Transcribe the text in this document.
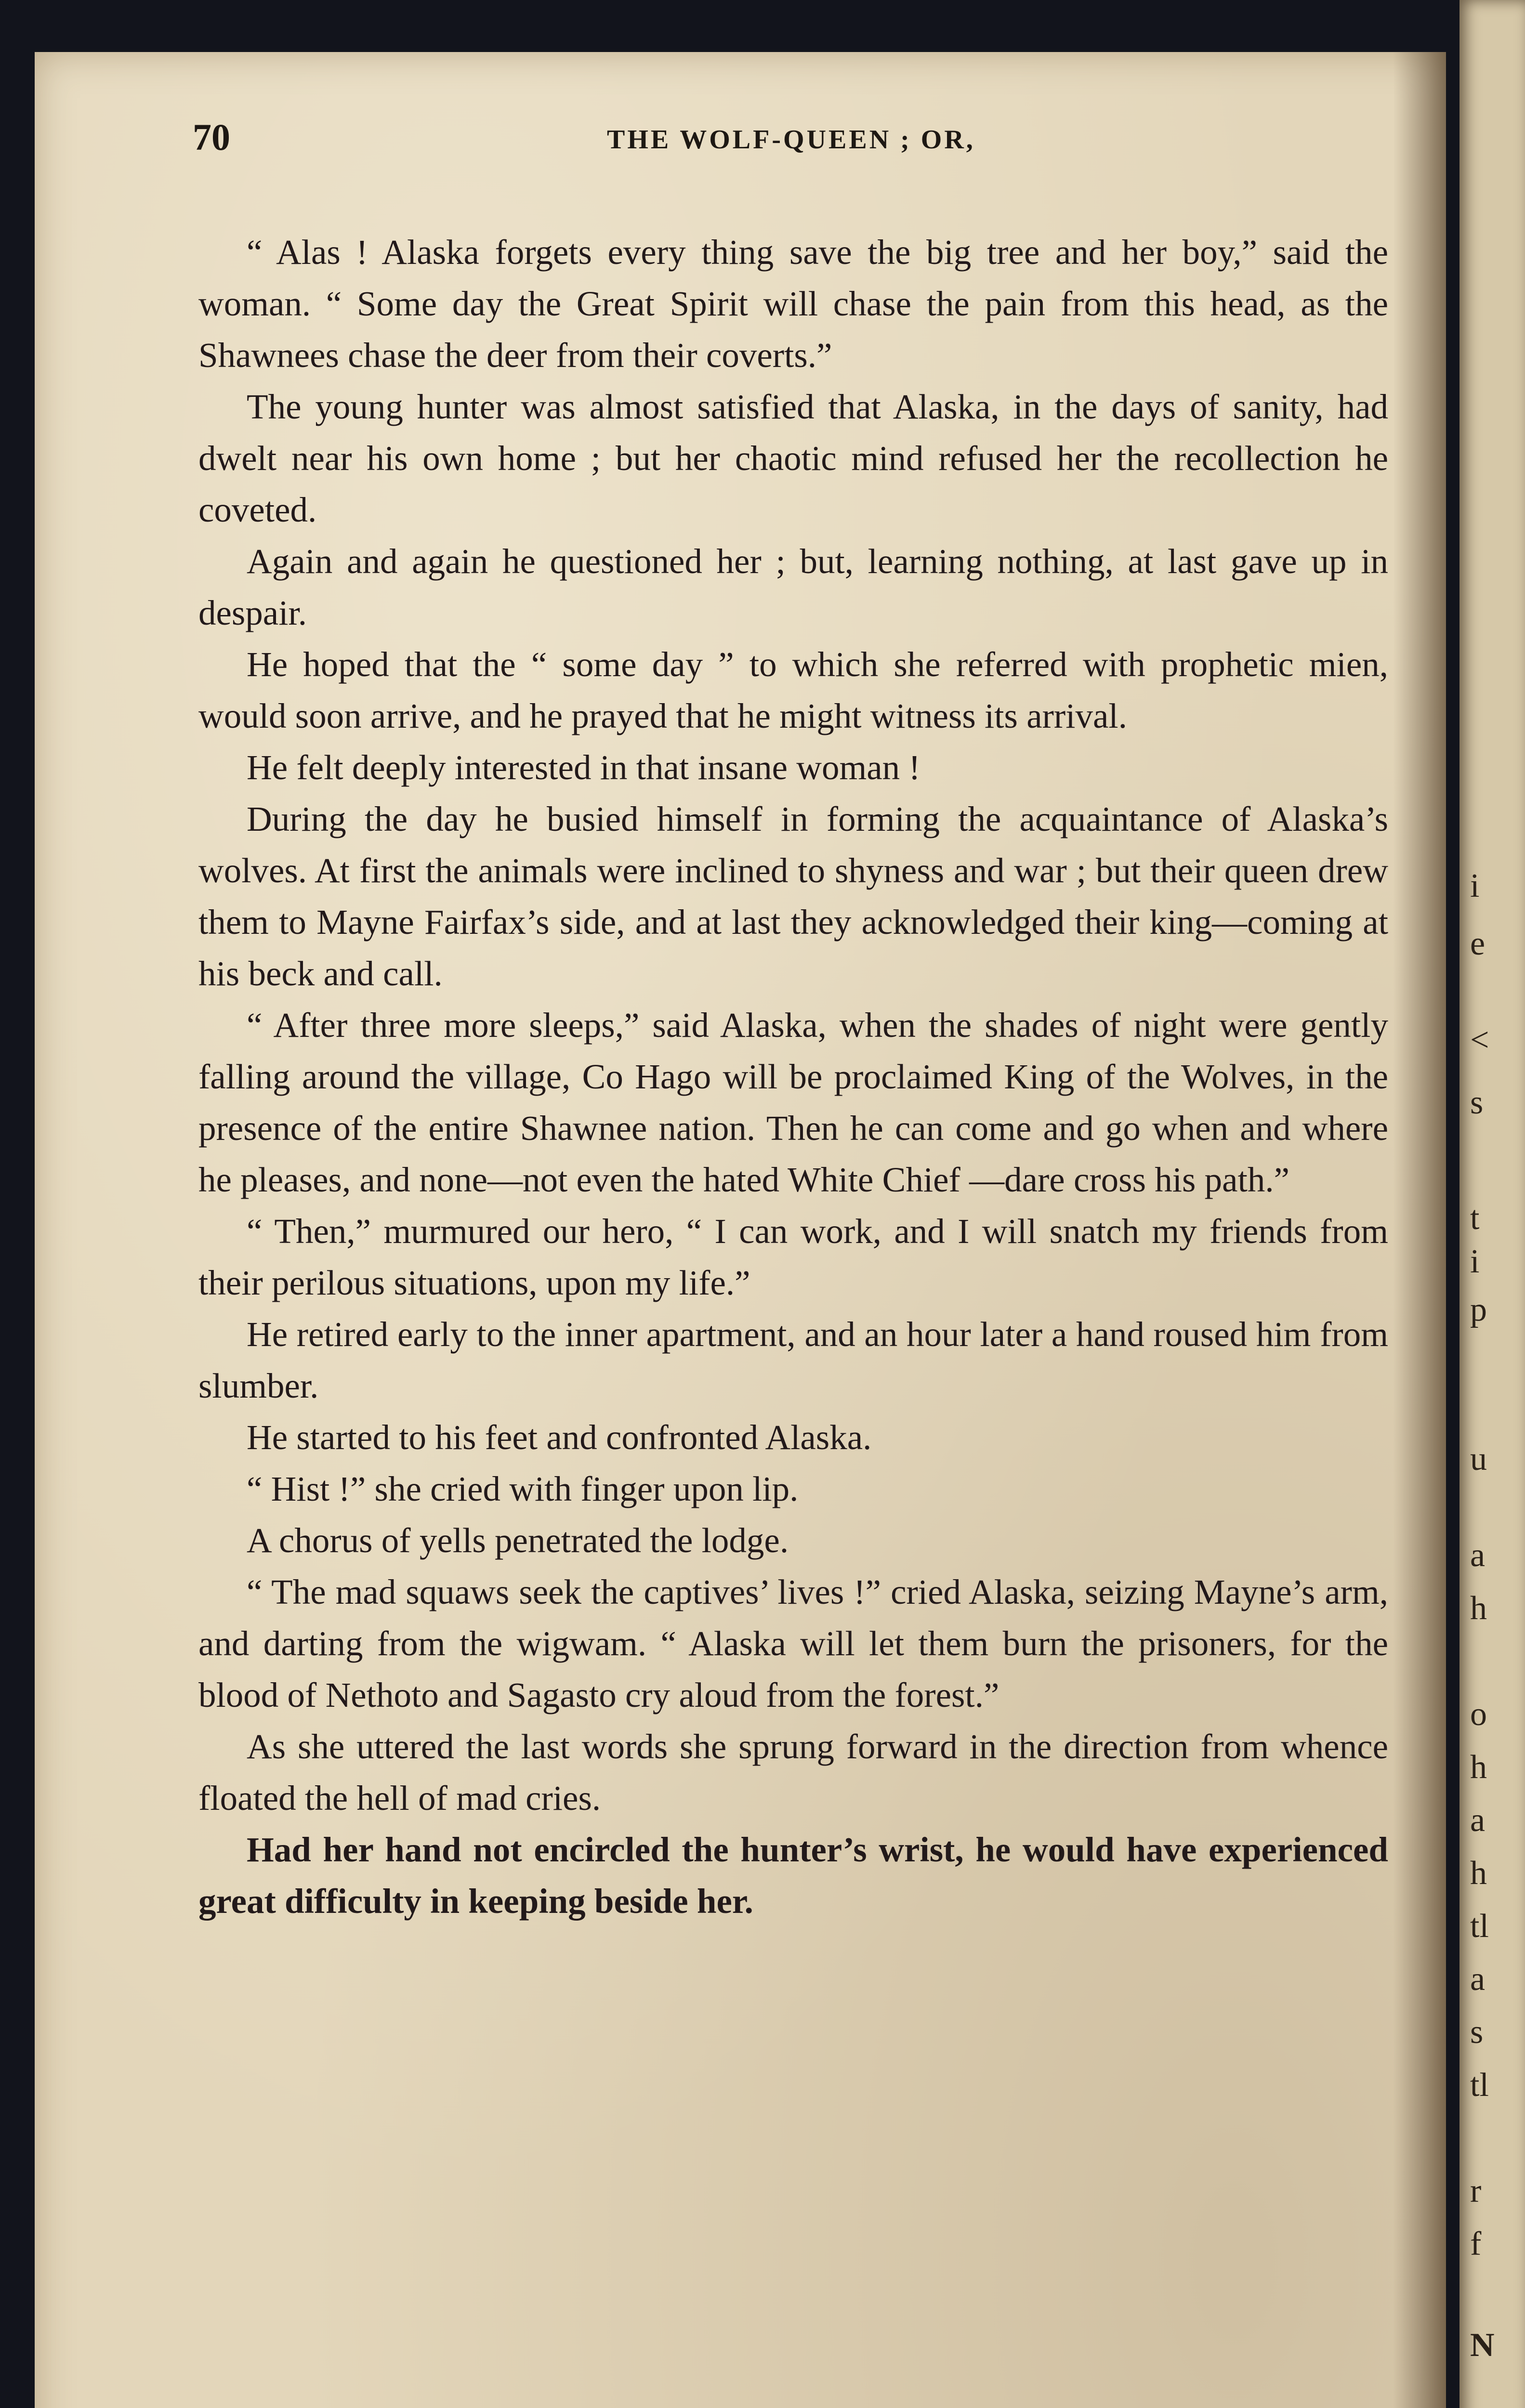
i
e
<
s
t
i
p
u
a
h
o
h
a
h
tl
a
s
tl
r
f
N
70	THE WOLF-QUEEN ; OR,

“ Alas ! Alaska forgets every thing save the big tree and her boy,” said the woman. “ Some day the Great Spirit will chase the pain from this head, as the Shawnees chase the deer from their coverts.”

The young hunter was almost satisfied that Alaska, in the days of sanity, had dwelt near his own home ; but her chaotic mind refused her the recollection he coveted.

Again and again he questioned her ; but, learning nothing, at last gave up in despair.

He hoped that the “ some day ” to which she referred with prophetic mien, would soon arrive, and he prayed that he might witness its arrival.

He felt deeply interested in that insane woman !

During the day he busied himself in forming the acquaintance of Alaska’s wolves. At first the animals were inclined to shyness and war ; but their queen drew them to Mayne Fairfax’s side, and at last they acknowledged their king—coming at his beck and call.

“ After three more sleeps,” said Alaska, when the shades of night were gently falling around the village, Co Hago will be proclaimed King of the Wolves, in the presence of the entire Shawnee nation. Then he can come and go when and where he pleases, and none—not even the hated White Chief —dare cross his path.”

“ Then,” murmured our hero, “ I can work, and I will snatch my friends from their perilous situations, upon my life.”

He retired early to the inner apartment, and an hour later a hand roused him from slumber.

He started to his feet and confronted Alaska.

“ Hist !” she cried with finger upon lip.

A chorus of yells penetrated the lodge.

“ The mad squaws seek the captives’ lives !” cried Alaska, seizing Mayne’s arm, and darting from the wigwam. “ Alaska will let them burn the prisoners, for the blood of Nethoto and Sagasto cry aloud from the forest.”

As she uttered the last words she sprung forward in the direction from whence floated the hell of mad cries.

Had her hand not encircled the hunter’s wrist, he would have experienced great difficulty in keeping beside her.
